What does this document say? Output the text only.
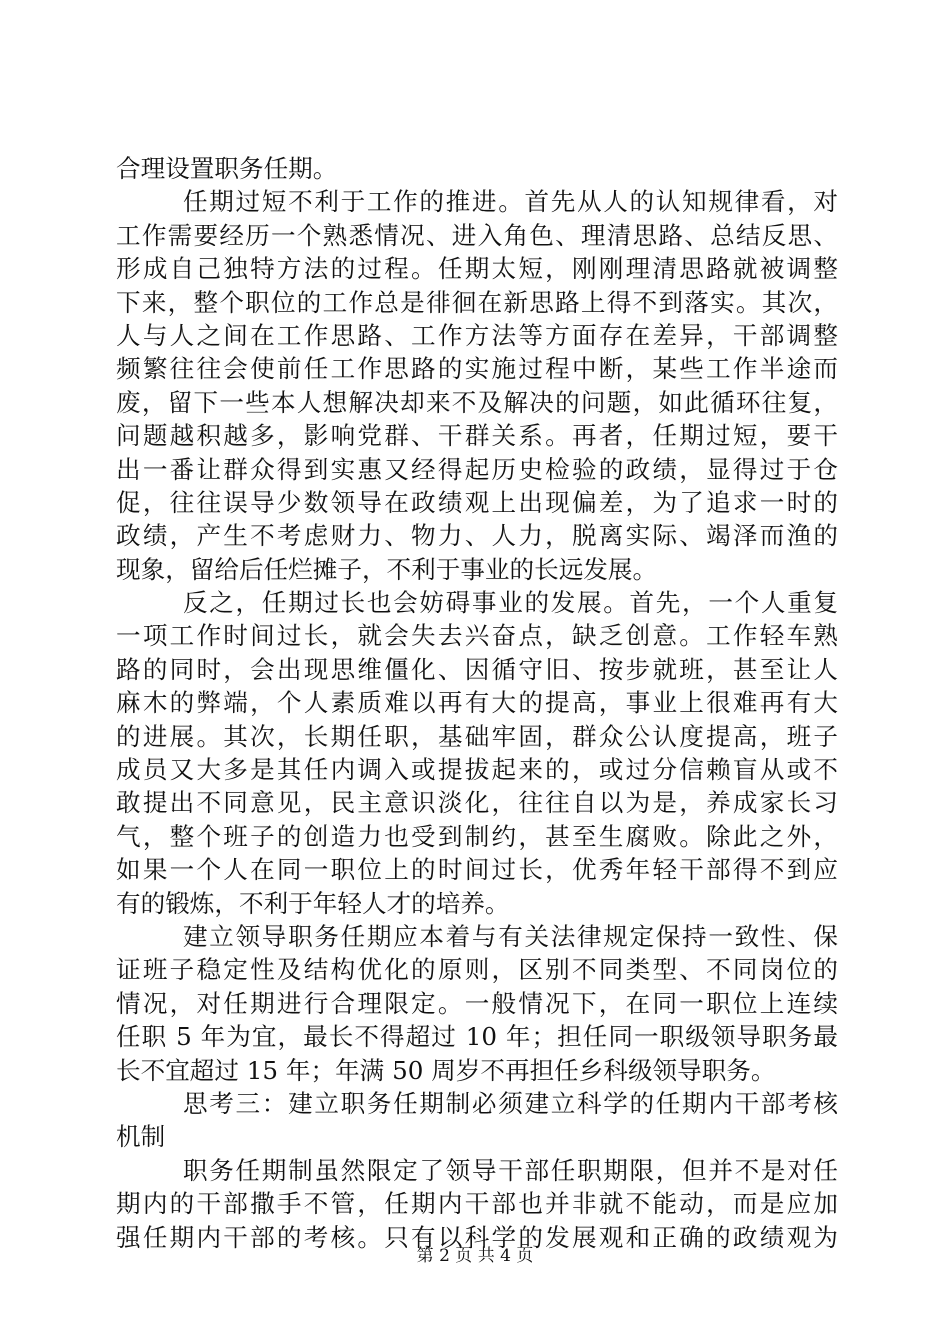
合理设置职务任期。
任期过短不利于工作的推进。首先从人的认知规律看，对
工作需要经历一个熟悉情况、进入角色、理清思路、总结反思、
形成自己独特方法的过程。任期太短，刚刚理清思路就被调整
下来，整个职位的工作总是徘徊在新思路上得不到落实。其次，
人与人之间在工作思路、工作方法等方面存在差异，干部调整
频繁往往会使前任工作思路的实施过程中断，某些工作半途而
废，留下一些本人想解决却来不及解决的问题，如此循环往复，
问题越积越多，影响党群、干群关系。再者，任期过短，要干
出一番让群众得到实惠又经得起历史检验的政绩，显得过于仓
促，往往误导少数领导在政绩观上出现偏差，为了追求一时的
政绩，产生不考虑财力、物力、人力，脱离实际、竭泽而渔的
现象，留给后任烂摊子，不利于事业的长远发展。
反之，任期过长也会妨碍事业的发展。首先，一个人重复
一项工作时间过长，就会失去兴奋点，缺乏创意。工作轻车熟
路的同时，会出现思维僵化、因循守旧、按步就班，甚至让人
麻木的弊端，个人素质难以再有大的提高，事业上很难再有大
的进展。其次，长期任职，基础牢固，群众公认度提高，班子
成员又大多是其任内调入或提拔起来的，或过分信赖盲从或不
敢提出不同意见，民主意识淡化，往往自以为是，养成家长习
气，整个班子的创造力也受到制约，甚至生腐败。除此之外，
如果一个人在同一职位上的时间过长，优秀年轻干部得不到应
有的锻炼，不利于年轻人才的培养。
建立领导职务任期应本着与有关法律规定保持一致性、保
证班子稳定性及结构优化的原则，区别不同类型、不同岗位的
情况，对任期进行合理限定。一般情况下，在同一职位上连续
任职 5 年为宜，最长不得超过 10 年；担任同一职级领导职务最
长不宜超过 15 年；年满 50 周岁不再担任乡科级领导职务。
思考三：建立职务任期制必须建立科学的任期内干部考核
机制
职务任期制虽然限定了领导干部任职期限，但并不是对任
期内的干部撒手不管，任期内干部也并非就不能动，而是应加
强任期内干部的考核。只有以科学的发展观和正确的政绩观为
第 2 页 共 4 页
